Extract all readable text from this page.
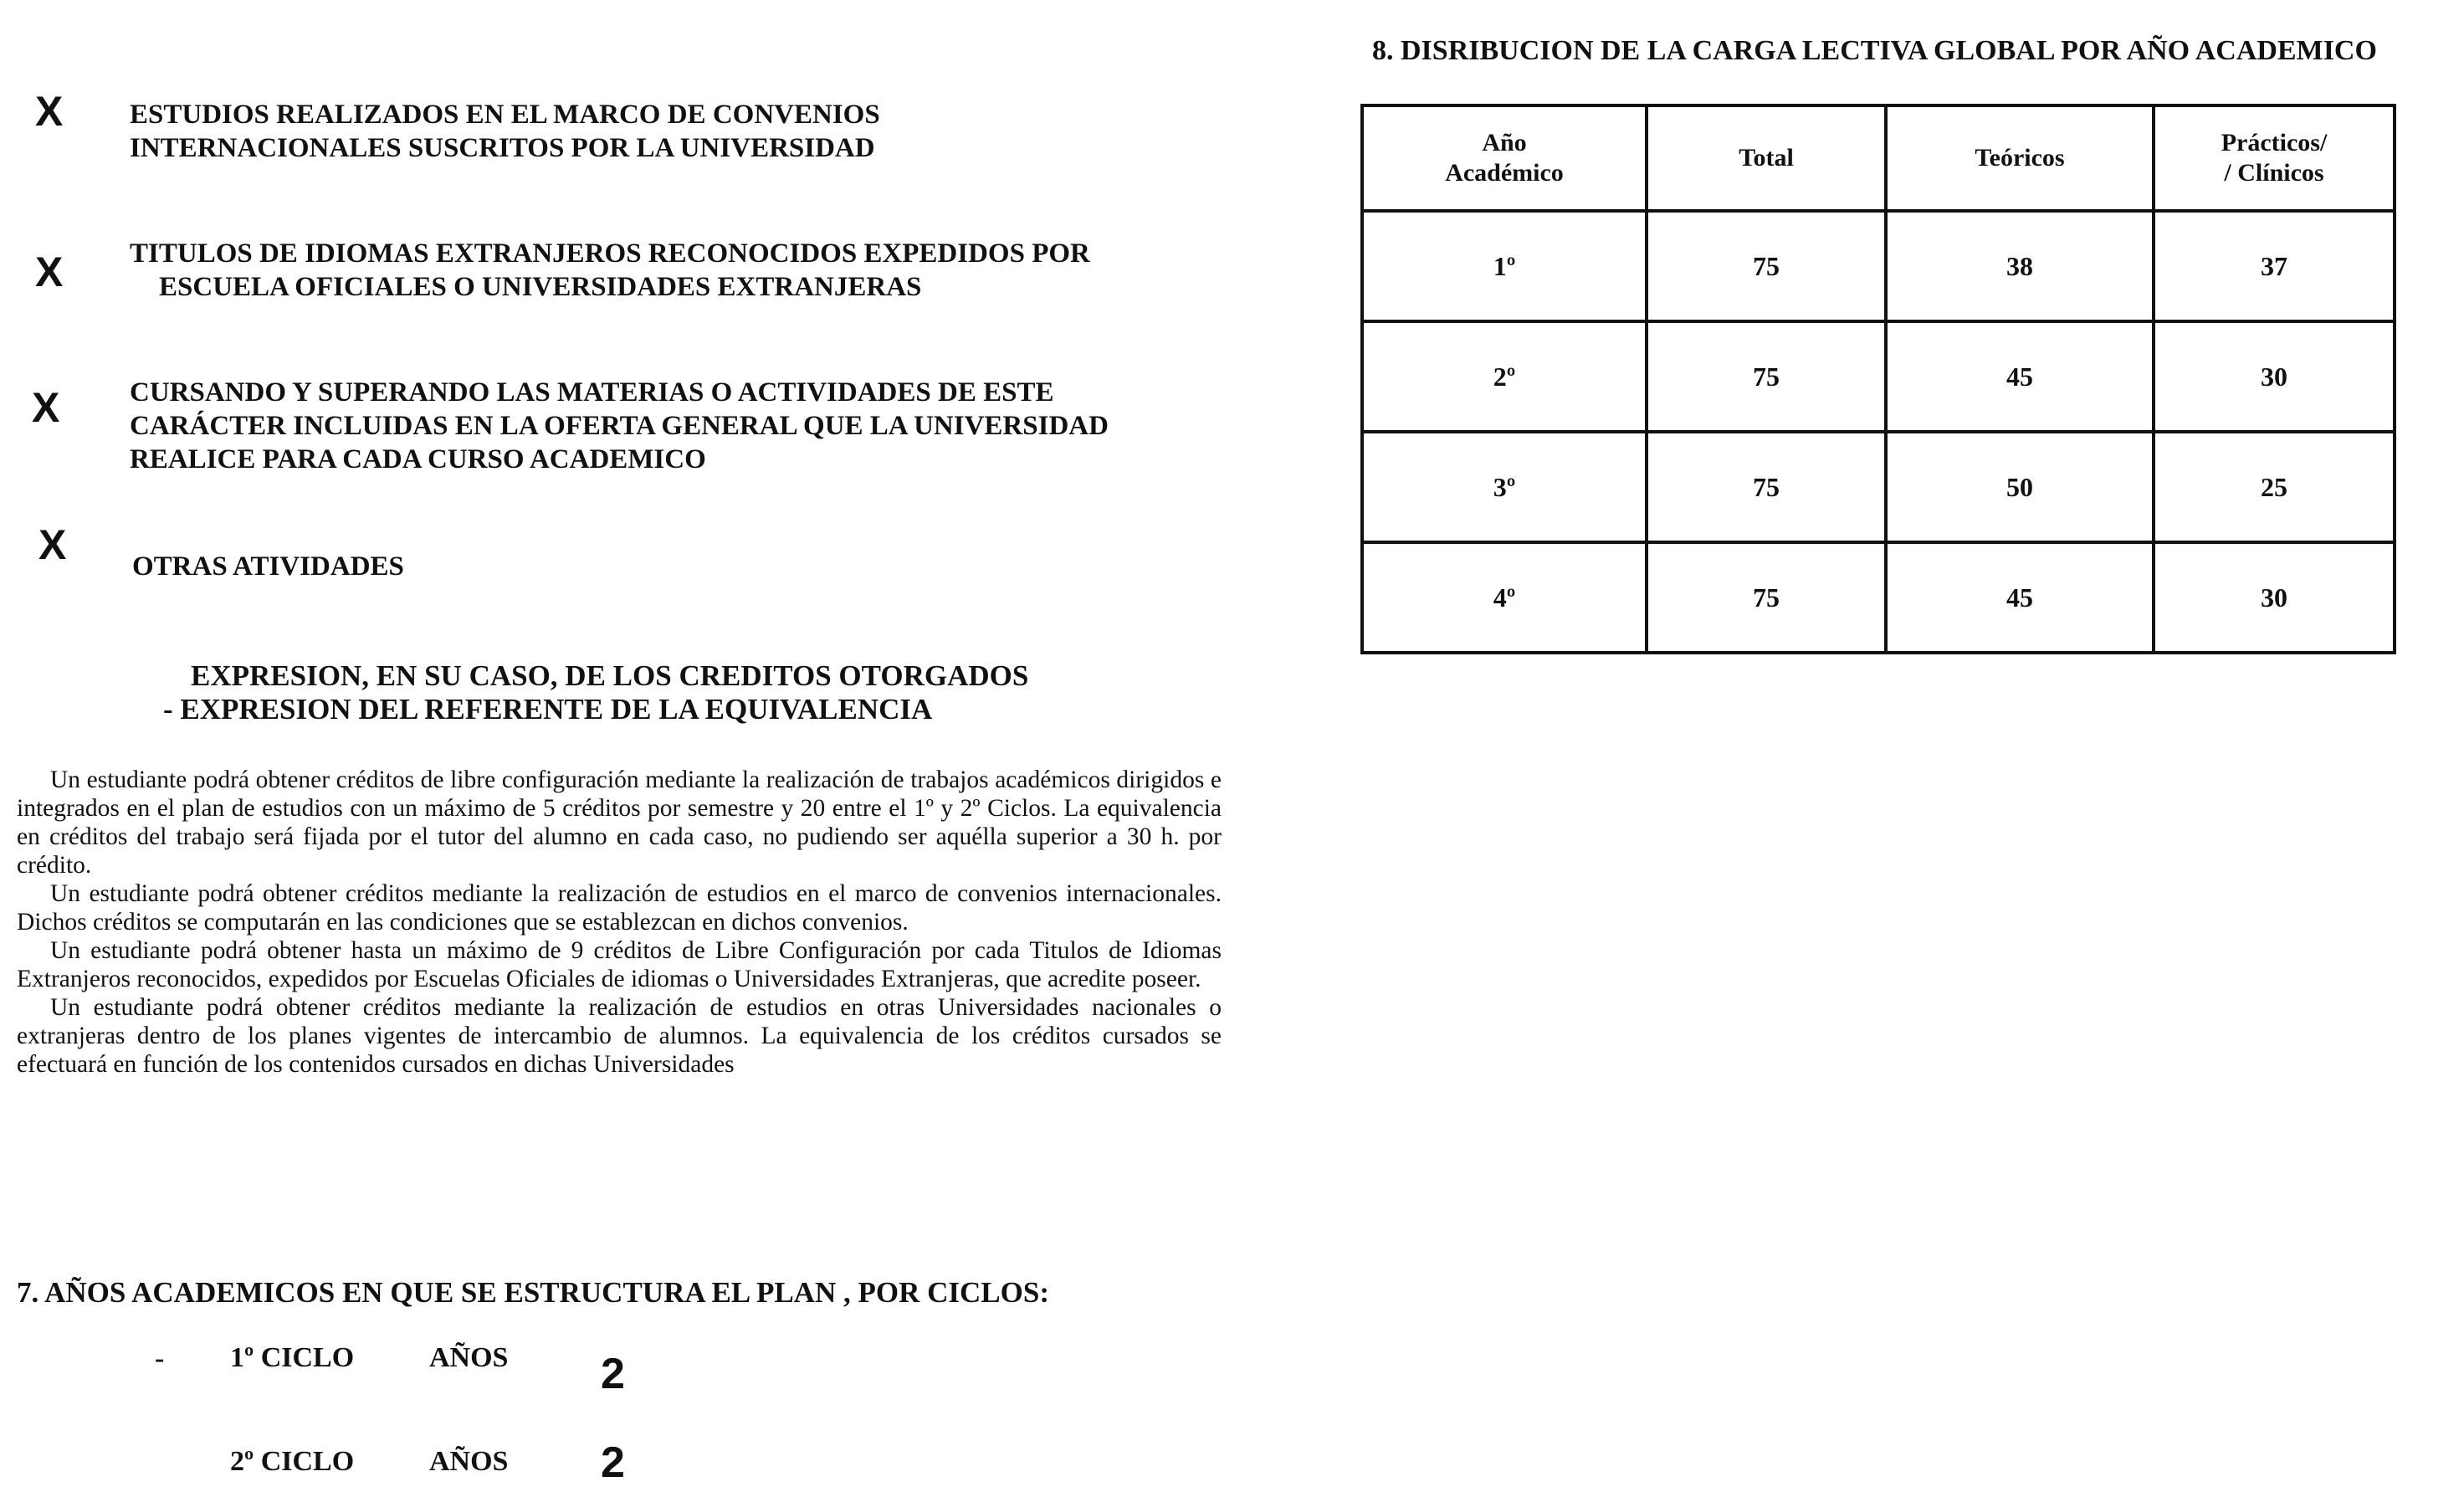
X ESTUDIOS REALIZADOS EN EL MARCO DE CONVENIOS
INTERNACIONALES SUSCRITOS POR LA UNIVERSIDAD
X TITULOS DE IDIOMAS EXTRANJEROS RECONOCIDOS EXPEDIDOS POR
ESCUELA OFICIALES O UNIVERSIDADES EXTRANJERAS
X	CURSANDO Y SUPERANDO LAS MATERIAS O ACTIVIDADES DE ESTE
CARÁCTER INCLUIDAS EN LA OFERTA GENERAL QUE LA UNIVERSIDAD
REALICE PARA CADA CURSO ACADEMICO
X OTRAS ATIVIDADES
EXPRESION, EN SU CASO, DE LOS CREDITOS OTORGADOS
- EXPRESION DEL REFERENTE DE LA EQUIVALENCIA

Un estudiante podrá obtener créditos de libre configuración mediante la realización de trabajos académicos dirigidos e integrados en el plan de estudios con un máximo de 5 créditos por semestre y 20 entre el 1º y 2º Ciclos. La equivalencia en créditos del trabajo será fijada por el tutor del alumno en cada caso, no pudiendo ser aquélla superior a 30 h. por crédito.

Un estudiante podrá obtener créditos mediante la realización de estudios en el marco de convenios internacionales. Dichos créditos se computarán en las condiciones que se establezcan en dichos convenios.

Un estudiante podrá obtener hasta un máximo de 9 créditos de Libre Configuración por cada Titulos de Idiomas Extranjeros reconocidos, expedidos por Escuelas Oficiales de idiomas o Universidades Extranjeras, que acredite poseer.

Un estudiante podrá obtener créditos mediante la realización de estudios en otras Universidades nacionales o extranjeras dentro de los planes vigentes de intercambio de alumnos. La equivalencia de los créditos cursados se efectuará en función de los contenidos cursados en dichas Universidades

7. AÑOS ACADEMICOS EN QUE SE ESTRUCTURA EL PLAN , POR CICLOS:
- 1º CICLO	AÑOS 2
2º CICLO	AÑOS 2
8. DISRIBUCION DE LA CARGA LECTIVA GLOBAL POR AÑO ACADEMICO
Año
Académico	Total	Teóricos	Prácticos/
/ Clínicos
1º	75	38	37
2º	75	45	30
3º	75	50	25
4º	75	45	30
